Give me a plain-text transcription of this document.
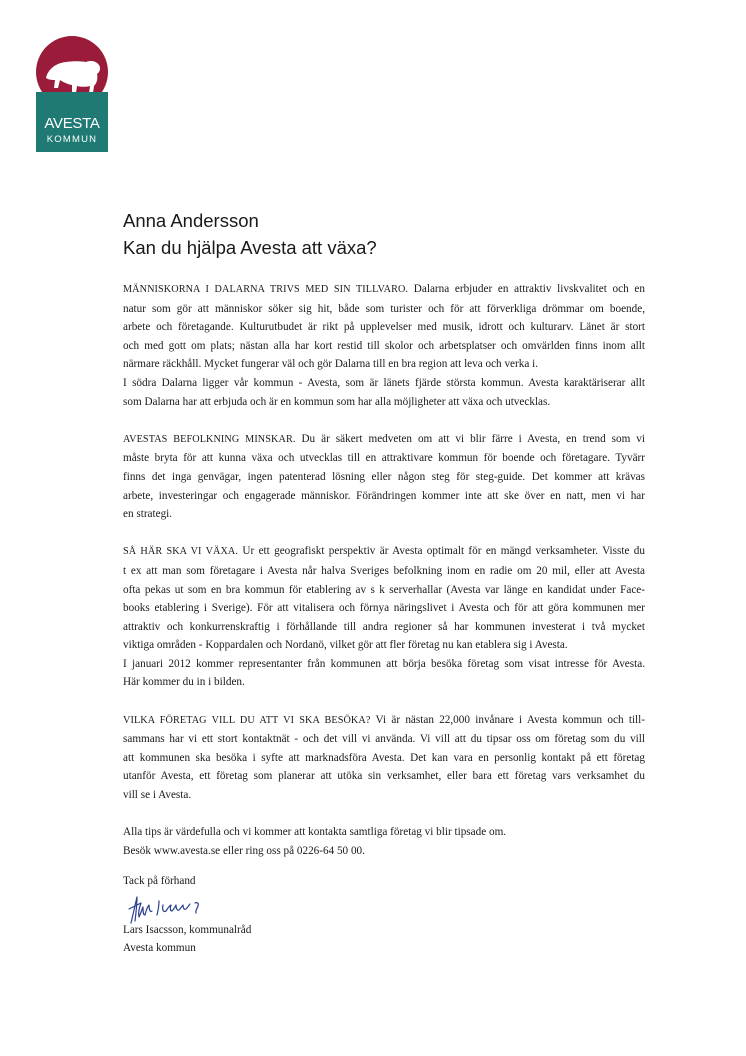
AVESTA
KOMMUN
Anna Andersson
Kan du hjälpa Avesta att växa?

MÄNNISKORNA I DALARNA TRIVS MED SIN TILLVARO. Dalarna erbjuder en attraktiv livskvalitet och en
natur som gör att människor söker sig hit, både som turister och för att förverkliga drömmar om boende,
arbete och företagande. Kulturutbudet är rikt på upplevelser med musik, idrott och kulturarv. Länet är stort
och med gott om plats; nästan alla har kort restid till skolor och arbetsplatser och omvärlden finns inom allt
närmare räckhåll. Mycket fungerar väl och gör Dalarna till en bra region att leva och verka i.
I södra Dalarna ligger vår kommun - Avesta, som är länets fjärde största kommun. Avesta karaktäriserar allt
som Dalarna har att erbjuda och är en kommun som har alla möjligheter att växa och utvecklas.

AVESTAS BEFOLKNING MINSKAR. Du är säkert medveten om att vi blir färre i Avesta, en trend som vi
måste bryta för att kunna växa och utvecklas till en attraktivare kommun för boende och företagare. Tyvärr
finns det inga genvägar, ingen patenterad lösning eller någon steg för steg-guide. Det kommer att krävas
arbete, investeringar och engagerade människor. Förändringen kommer inte att ske över en natt, men vi har
en strategi.

SÅ HÄR SKA VI VÄXA. Ur ett geografiskt perspektiv är Avesta optimalt för en mängd verksamheter. Visste du
t ex att man som företagare i Avesta når halva Sveriges befolkning inom en radie om 20 mil, eller att Avesta
ofta pekas ut som en bra kommun för etablering av s k serverhallar (Avesta var länge en kandidat under Face-
books etablering i Sverige). För att vitalisera och förnya näringslivet i Avesta och för att göra kommunen mer
attraktiv och konkurrenskraftig i förhållande till andra regioner så har kommunen investerat i två mycket
viktiga områden - Koppardalen och Nordanö, vilket gör att fler företag nu kan etablera sig i Avesta.
I januari 2012 kommer representanter från kommunen att börja besöka företag som visat intresse för Avesta.
Här kommer du in i bilden.

VILKA FÖRETAG VILL DU ATT VI SKA BESÖKA? Vi är nästan 22,000 invånare i Avesta kommun och till-
sammans har vi ett stort kontaktnät - och det vill vi använda. Vi vill att du tipsar oss om företag som du vill
att kommunen ska besöka i syfte att marknadsföra Avesta. Det kan vara en personlig kontakt på ett företag
utanför Avesta, ett företag som planerar att utöka sin verksamhet, eller bara ett företag vars verksamhet du
vill se i Avesta.

Alla tips är värdefulla och vi kommer att kontakta samtliga företag vi blir tipsade om.
Besök www.avesta.se eller ring oss på 0226-64 50 00.

Tack på förhand
Lars Isacsson, kommunalråd
Avesta kommun
